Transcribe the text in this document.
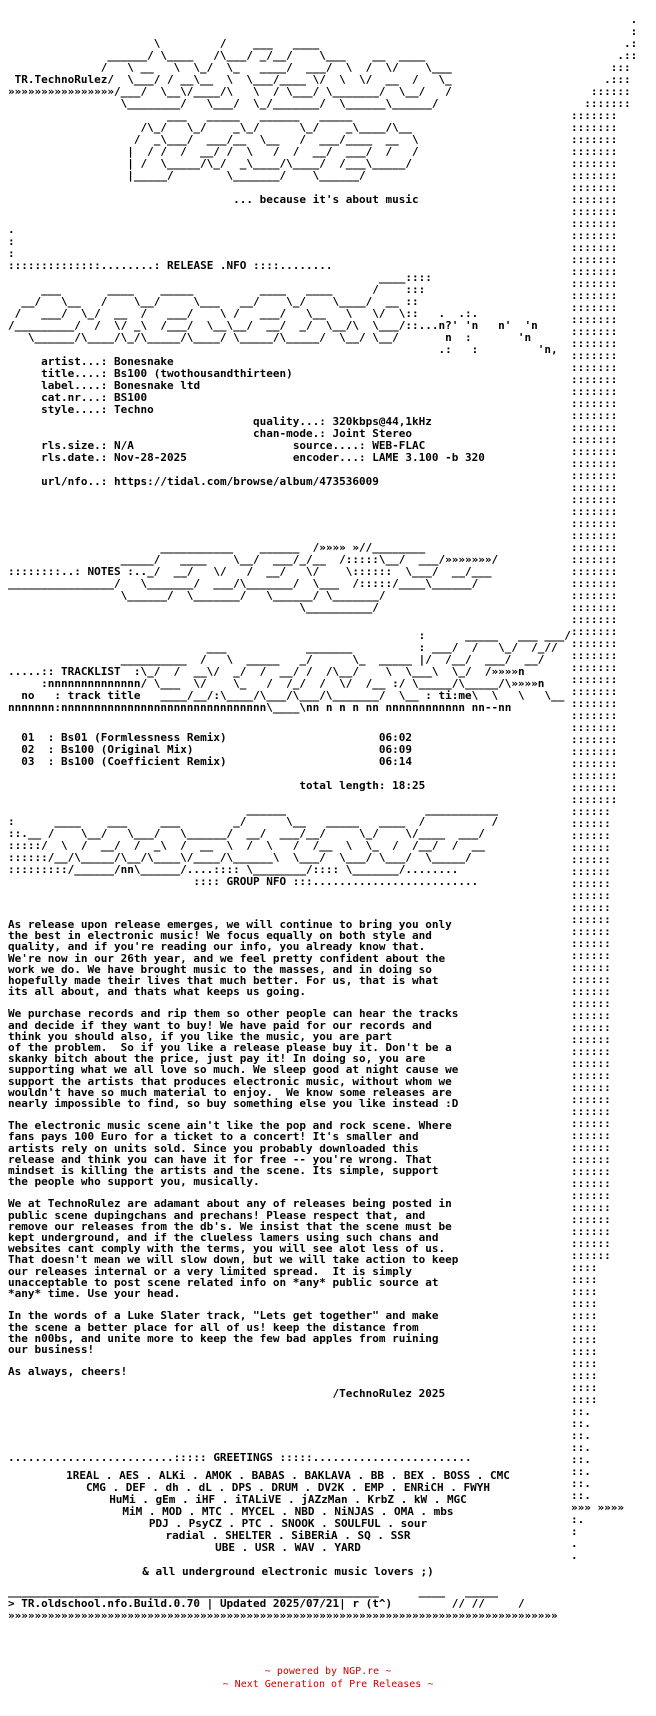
\         /    ___   ____
______/ \____   /\___/ _/__/    \___    __  ____
/   \ __   \  \_/  \_   ____/  ___/  \  /  \/    \___
TR.TechnoRulez/  \___/ / __\__  \  \___/____ \/  \  \/  __  /   \_
»»»»»»»»»»»»»»»»/___/  \__\/____/\   \  / \___/ \_______/  \__/   /
\________/   \___/  \_/_______/  \______\______/
___   _____   ______   _____
/\_/   \_/    _\_/      \_/    _\____/\__
/  _\___/  ___/__  \__   /  ___/____  __  \
|  / /  /  __/ /  \   /  /  __/  ___/  /   /
| /  \_____/\_/  _\____/\____/  /___\_____/
|_____/        \_______/    \______/

... because it's about music
.
:
:
::::::::::::::........: RELEASE .NFO ::::........
____::::
___       ____    _____          ____   ____      /    :::
__/   \__   /    \__/     \___   __/    \_/    \____/  __ ::
/   ___/  \_/  __  /   ___/    \ /   ___/   \__   \   \/  \::   .  .:.
/_________/  /  \/ _\  /___/  \__\__/  __/  _/  \__/\  \___/::...n?' 'n   n'  'n
\______/\____/\_/\_____/\____/ \_____/\_____/  \__/ \__/       n  :       'n
.:   :         'n,
artist...: Bonesnake
title....: Bs100 (twothousandthirteen)
label....: Bonesnake ltd
cat.nr...: BS100
style....: Techno
quality...: 320kbps@44,1kHz
chan-mode.: Joint Stereo
rls.size.: N/A	source....: WEB-FLAC
rls.date.: Nov-28-2025	encoder...: LAME 3.100 -b 320

url/nfo..: https://tidal.com/browse/album/473536009
___________    ______  /»»»» »//________
_____/   ____    \__/  ___/_/__  /:::::\__/  ___/»»»»»»»/
::::::::..: NOTES :.._/  __/   \/   /  __/   \/    \::::::  \___/  __/___
________________/   \_______/  ___/\_______/  \___  /:::::/____\______/
\______/  \_______/   \______/ \_______/
\__________/
:      _____   ___ ___/
___            _______          : ___/  /   \_/  /_//
__________  /   \  _____   _/      \_  _____ |/  /__/  ___/  __/
.....:: TRACKLIST  :\_/  /  __\/  _/  /  __/ /  /\__/    \  \___\  \_/  /»»»»n
:nnnnnnnnnnnnnn/ \___  \/    \_   /  /_/  /  \/  /__ :/ \_____/\_____/\»»»»n
no   : track title   ____/__/:\____/\___/\___/\_______/  \__ : ti:me\  \   \   \__
nnnnnnn:nnnnnnnnnnnnnnnnnnnnnnnnnnnnnnn\____\nn n n n nn nnnnnnnnnnnn nn--nn
01  : Bs01 (Formlessness Remix)	06:02
02  : Bs100 (Original Mix)	06:09
03  : Bs100 (Coefficient Remix)	06:14

total length: 18:25
______                     ___________
:      ____    ___     ___        _/      \__   _____   ____  /          /
::.__ /    \__/   \___/   \______/  __/  ___/__/     \_/    \/____  ___/
:::::/  \  /  __/  /  _\  /  __  \  /  \   /  /__  \  \_  /  /__/  /  __
::::::/__/\_____/\__/\____\/____/\______\  \___/  \___/ \___/  \_____/
:::::::::/______/nn\______/....:::: \________/:::: \_______/........
:::: GROUP NFO :::.........................
As release upon release emerges, we will continue to bring you only
the best in electronic music! We focus equally on both style and
quality, and if you're reading our info, you already know that.
We're now in our 26th year, and we feel pretty confident about the
work we do. We have brought music to the masses, and in doing so
hopefully made their lives that much better. For us, that is what
its all about, and thats what keeps us going.
We purchase records and rip them so other people can hear the tracks
and decide if they want to buy! We have paid for our records and
think you should also, if you like the music, you are part
of the problem.  So if you like a release please buy it. Don't be a
skanky bitch about the price, just pay it! In doing so, you are
supporting what we all love so much. We sleep good at night cause we
support the artists that produces electronic music, without whom we
wouldn't have so much material to enjoy.  We know some releases are
nearly impossible to find, so buy something else you like instead :D
The electronic music scene ain't like the pop and rock scene. Where
fans pays 100 Euro for a ticket to a concert! It's smaller and
artists rely on units sold. Since you probably downloaded this
release and think you can have it for free -- you're wrong. That
mindset is killing the artists and the scene. Its simple, support
the people who support you, musically.
We at TechnoRulez are adamant about any of releases being posted in
public scene dupingchans and prechans! Please respect that, and
remove our releases from the db's. We insist that the scene must be
kept underground, and if the clueless lamers using such chans and
websites cant comply with the terms, you will see alot less of us.
That doesn't mean we will slow down, but we will take action to keep
our releases internal or a very limited spread.  It is simply
unacceptable to post scene related info on *any* public source at
*any* time. Use your head.
In the words of a Luke Slater track, "Lets get together" and make
the scene a better place for all of us! keep the distance from
the n00bs, and unite more to keep the few bad apples from ruining
our business!
As always, cheers!
/TechnoRulez 2025
.........................::::: GREETINGS :::::........................
1REAL . AES . ALKi . AMOK . BABAS . BAKLAVA . BB . BEX . BOSS . CMC
CMG . DEF . dh . dL . DPS . DRUM . DV2K . EMP . ENRiCH . FWYH
HuMi . gEm . iHF . iTALiVE . jAZzMan . KrbZ . kW . MGC
MiM . MOD . MTC . MYCEL . NBD . NiNJAS . OMA . mbs
PDJ . PsyCZ . PTC . SNOOK . SOULFUL . sour
radial . SHELTER . SiBERiA . SQ . SSR
UBE . USR . WAV . YARD
& all underground electronic music lovers ;)
________________________________________________________      ____   _____
> TR.oldschool.nfo.Build.0.70 | Updated 2025/07/21| r (t^)         // //     /
»»»»»»»»»»»»»»»»»»»»»»»»»»»»»»»»»»»»»»»»»»»»»»»»»»»»»»»»»»»»»»»»»»»»»»»»»»»»»»»»»»»
.
:
.:
.::
:::
.:::
::::::
:::::::
:::::::
:::::::
:::::::
:::::::
:::::::
:::::::
:::::::
:::::::
:::::::
:::::::
:::::::
:::::::
:::::::
:::::::
:::::::
:::::::
:::::::
:::::::
:::::::
:::::::
:::::::
:::::::
:::::::
:::::::
:::::::
:::::::
:::::::
:::::::
:::::::
:::::::
:::::::
:::::::
:::::::
:::::::
:::::::
:::::::
:::::::
:::::::
:::::::
:::::::
:::::::
:::::::
:::::::
:::::::
:::::::
:::::::
:::::::
:::::::
:::::::
:::::::
:::::::
:::::::
:::::::
:::::::
:::::::
:::::::
:::::::
:::::::
::::::
::::::
::::::
::::::
::::::
::::::
::::::
::::::
::::::
::::::
::::::
::::::
::::::
::::::
::::::
::::::
::::::
::::::
::::::
::::::
::::::
::::::
::::::
::::::
::::::
::::::
::::::
::::::
::::::
::::::
::::::
::::::
::::::
::::::
::::::
::::::
::::::
::::::
::::
::::
::::
::::
::::
::::
::::
::::
::::
::::
::::
::::
::.
::.
::.
::.
::.
::.
::.
::.
»»» »»»»
:.
:
.
.
~ powered by NGP.re ~
~ Next Generation of Pre Releases ~
